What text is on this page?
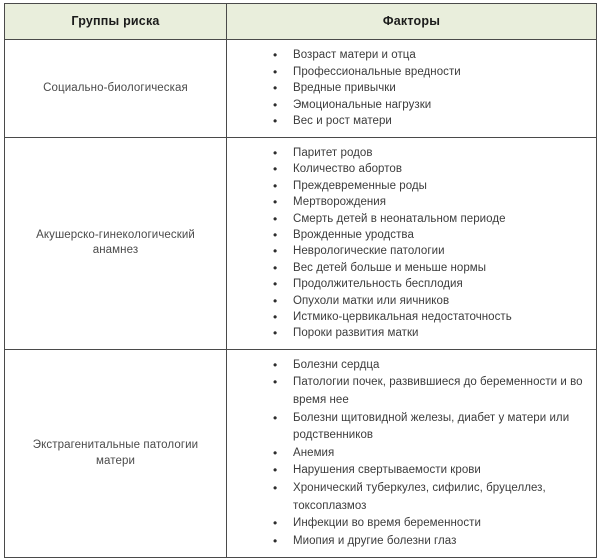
Группы риска	Факторы
Социально-биологическая	
•	Возраст матери и отца
•	Профессиональные вредности
•	Вредные привычки
•	Эмоциональные нагрузки
•	Вес и рост матери

Акушерско-гинекологический анамнез	
•	Паритет родов
•	Количество абортов
•	Преждевременные роды
•	Мертворождения
•	Смерть детей в неонатальном периоде
•	Врожденные уродства
•	Неврологические патологии
•	Вес детей больше и меньше нормы
•	Продолжительность бесплодия
•	Опухоли матки или яичников
•	Истмико-цервикальная недостаточность
•	Пороки развития матки

Экстрагенитальные патологии матери	
•	Болезни сердца
•	Патологии почек, развившиеся до беременности и во время нее
•	Болезни щитовидной железы, диабет у матери или родственников
•	Анемия
•	Нарушения свертываемости крови
•	Хронический туберкулез, сифилис, бруцеллез, токсоплазмоз
•	Инфекции во время беременности
•	Миопия и другие болезни глаз
